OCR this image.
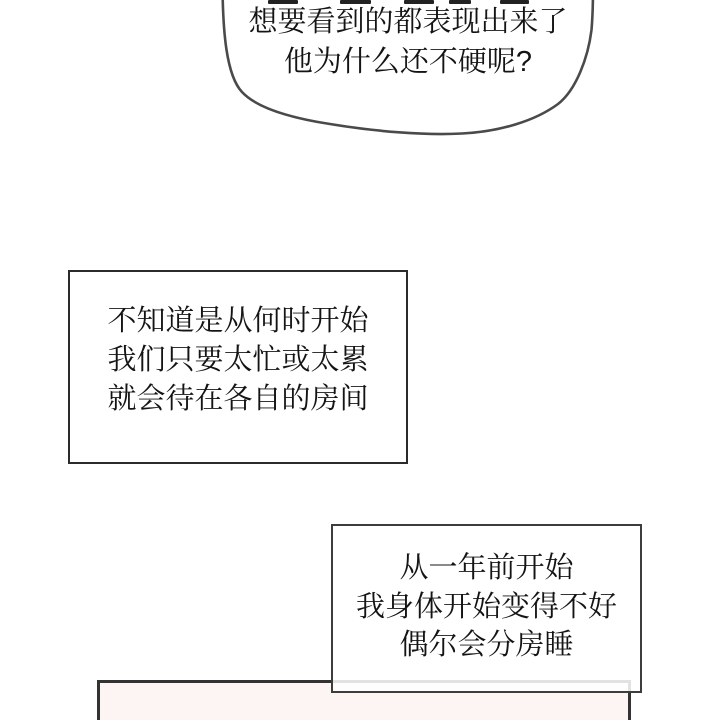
想要看到的都表现出来了
他为什么还不硬呢?
不知道是从何时开始
我们只要太忙或太累
就会待在各自的房间
从一年前开始
我身体开始变得不好
偶尔会分房睡
